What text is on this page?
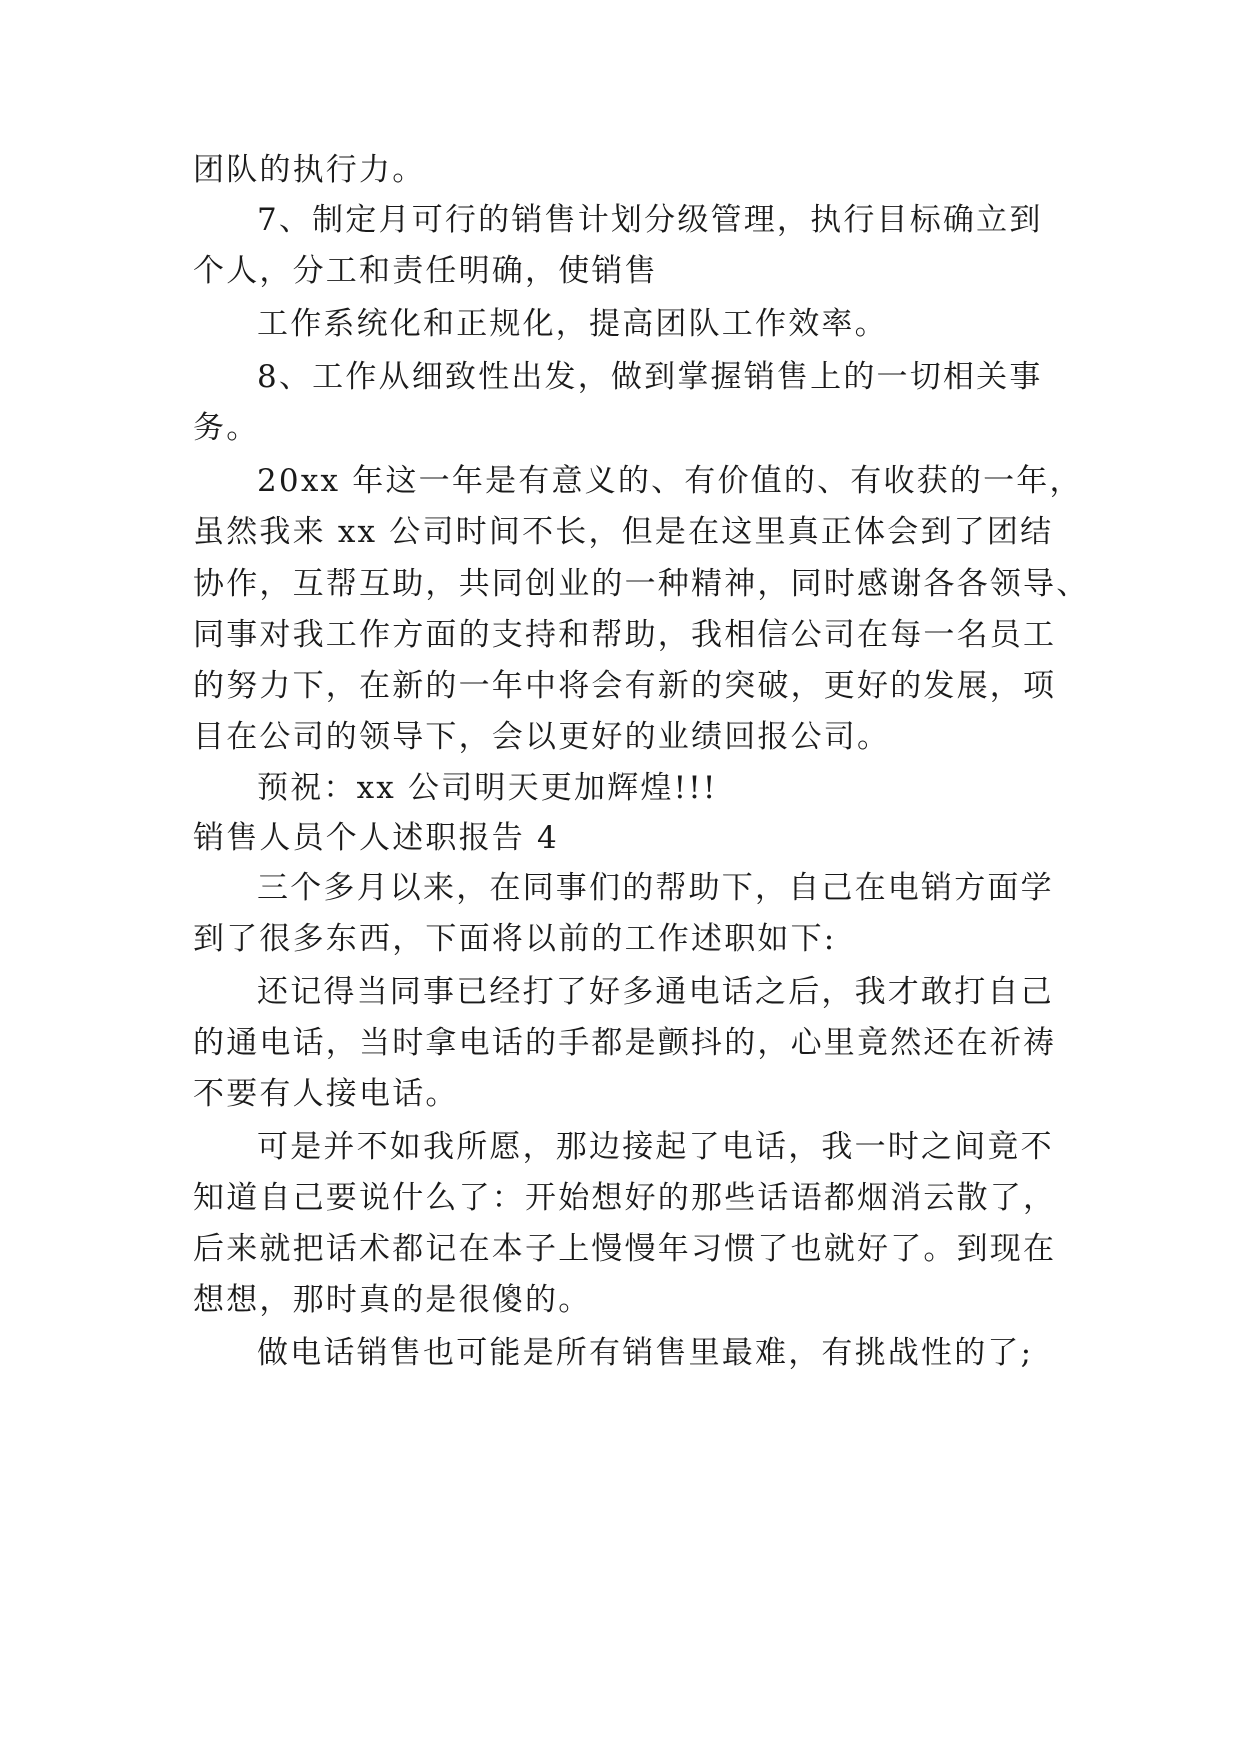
团队的执行力。
7、制定月可行的销售计划分级管理，执行目标确立到
个人，分工和责任明确，使销售
工作系统化和正规化，提高团队工作效率。
8、工作从细致性出发，做到掌握销售上的一切相关事
务。
20xx 年这一年是有意义的、有价值的、有收获的一年，
虽然我来 xx 公司时间不长，但是在这里真正体会到了团结
协作，互帮互助，共同创业的一种精神，同时感谢各各领导、
同事对我工作方面的支持和帮助，我相信公司在每一名员工
的努力下，在新的一年中将会有新的突破，更好的发展，项
目在公司的领导下，会以更好的业绩回报公司。
预祝：xx 公司明天更加辉煌!!!
销售人员个人述职报告 4
三个多月以来，在同事们的帮助下，自己在电销方面学
到了很多东西，下面将以前的工作述职如下:
还记得当同事已经打了好多通电话之后，我才敢打自己
的通电话，当时拿电话的手都是颤抖的，心里竟然还在祈祷
不要有人接电话。
可是并不如我所愿，那边接起了电话，我一时之间竟不
知道自己要说什么了：开始想好的那些话语都烟消云散了，
后来就把话术都记在本子上慢慢年习惯了也就好了。到现在
想想，那时真的是很傻的。
做电话销售也可能是所有销售里最难，有挑战性的了;
